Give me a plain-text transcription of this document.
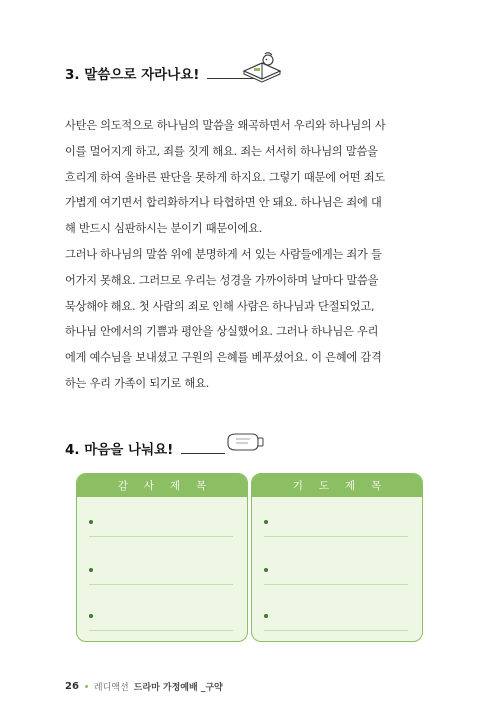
3. 말씀으로 자라나요!
사탄은 의도적으로 하나님의 말씀을 왜곡하면서 우리와 하나님의 사
이를 멀어지게 하고, 죄를 짓게 해요. 죄는 서서히 하나님의 말씀을
흐리게 하여 올바른 판단을 못하게 하지요. 그렇기 때문에 어떤 죄도
가볍게 여기면서 합리화하거나 타협하면 안 돼요. 하나님은 죄에 대
해 반드시 심판하시는 분이기 때문이에요.
그러나 하나님의 말씀 위에 분명하게 서 있는 사람들에게는 죄가 들
어가지 못해요. 그러므로 우리는 성경을 가까이하며 날마다 말씀을
묵상해야 해요. 첫 사람의 죄로 인해 사람은 하나님과 단절되었고,
하나님 안에서의 기쁨과 평안을 상실했어요. 그러나 하나님은 우리
에게 예수님을 보내셨고 구원의 은혜를 베푸셨어요. 이 은혜에 감격
하는 우리 가족이 되기로 해요.
4. 마음을 나눠요!
감사제목	기도제목
26 레디액션 드라마 가정예배 _구약
